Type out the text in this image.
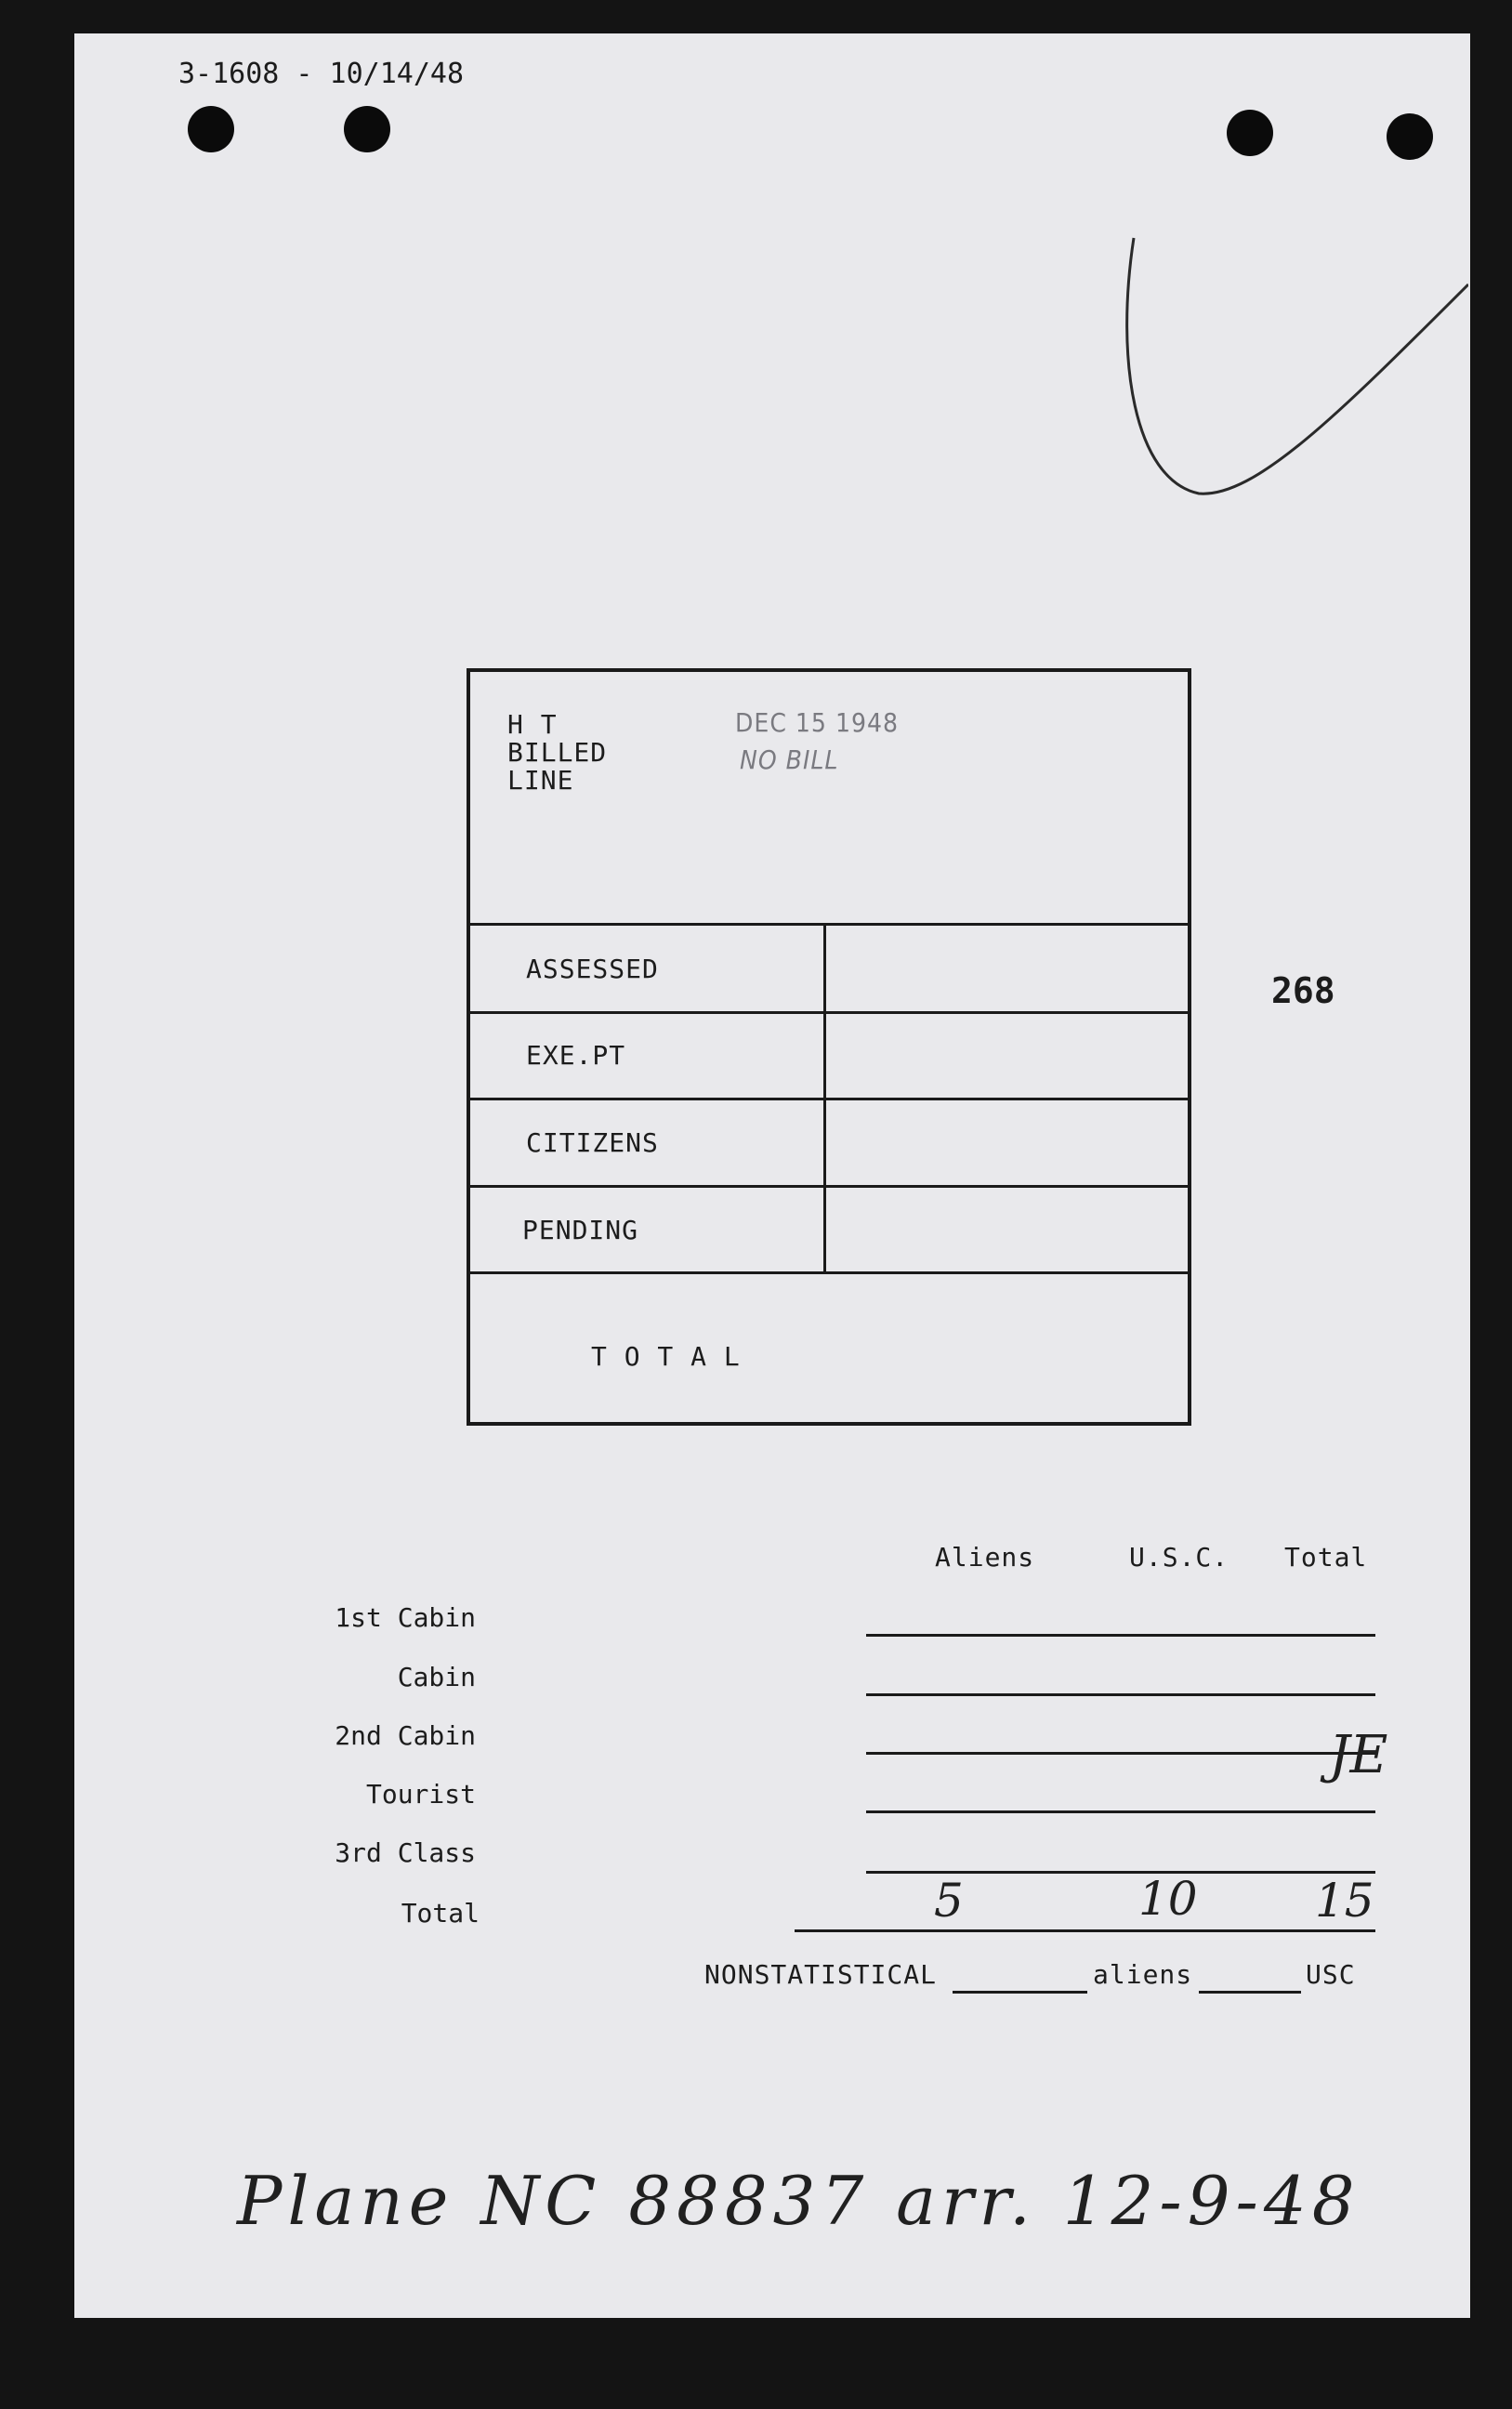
3-1608 - 10/14/48
268
H T
BILLED
LINE
DEC 15 1948
NO BILL
ASSESSED
EXE.PT
CITIZENS
PENDING
T O T A L
Aliens	U.S.C. Total
1st Cabin
Cabin
2nd Cabin
Tourist
3rd Class
Total	5	10	15
NONSTATISTICAL	aliens	USC
JE
Plane NC 88837 arr. 12-9-48
